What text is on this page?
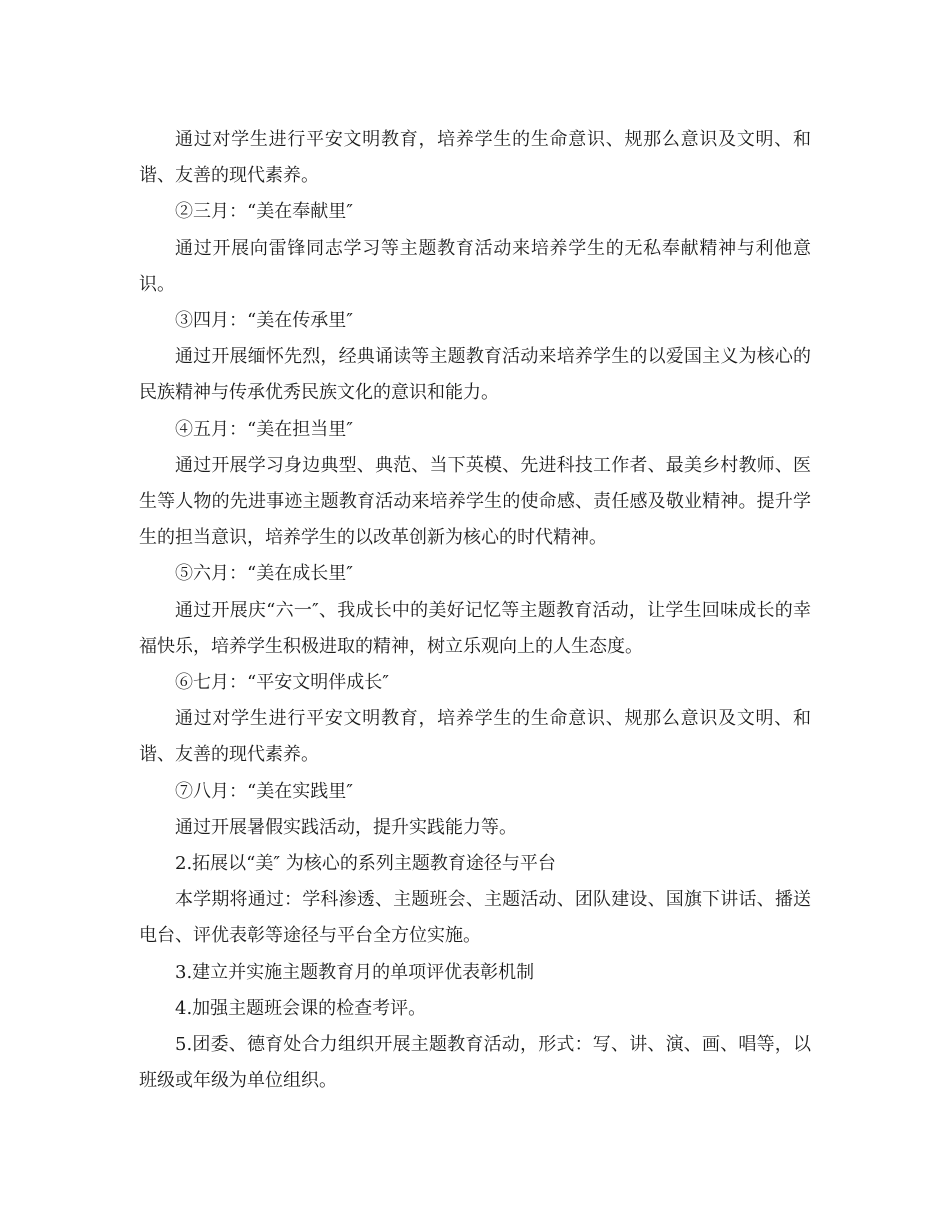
通过对学生进行平安文明教育，培养学生的生命意识、规那么意识及文明、和谐、友善的现代素养。

②三月：“美在奉献里″

通过开展向雷锋同志学习等主题教育活动来培养学生的无私奉献精神与利他意识。

③四月：“美在传承里″

通过开展缅怀先烈，经典诵读等主题教育活动来培养学生的以爱国主义为核心的民族精神与传承优秀民族文化的意识和能力。

④五月：“美在担当里″

通过开展学习身边典型、典范、当下英模、先进科技工作者、最美乡村教师、医生等人物的先进事迹主题教育活动来培养学生的使命感、责任感及敬业精神。提升学生的担当意识，培养学生的以改革创新为核心的时代精神。

⑤六月：“美在成长里″

通过开展庆“六一″、我成长中的美好记忆等主题教育活动，让学生回味成长的幸福快乐，培养学生积极进取的精神，树立乐观向上的人生态度。

⑥七月：“平安文明伴成长″

通过对学生进行平安文明教育，培养学生的生命意识、规那么意识及文明、和谐、友善的现代素养。

⑦八月：“美在实践里″

通过开展暑假实践活动，提升实践能力等。

2.拓展以“美″ 为核心的系列主题教育途径与平台

本学期将通过：学科渗透、主题班会、主题活动、团队建设、国旗下讲话、播送电台、评优表彰等途径与平台全方位实施。

3.建立并实施主题教育月的单项评优表彰机制

4.加强主题班会课的检查考评。

5.团委、德育处合力组织开展主题教育活动，形式：写、讲、演、画、唱等，以班级或年级为单位组织。
